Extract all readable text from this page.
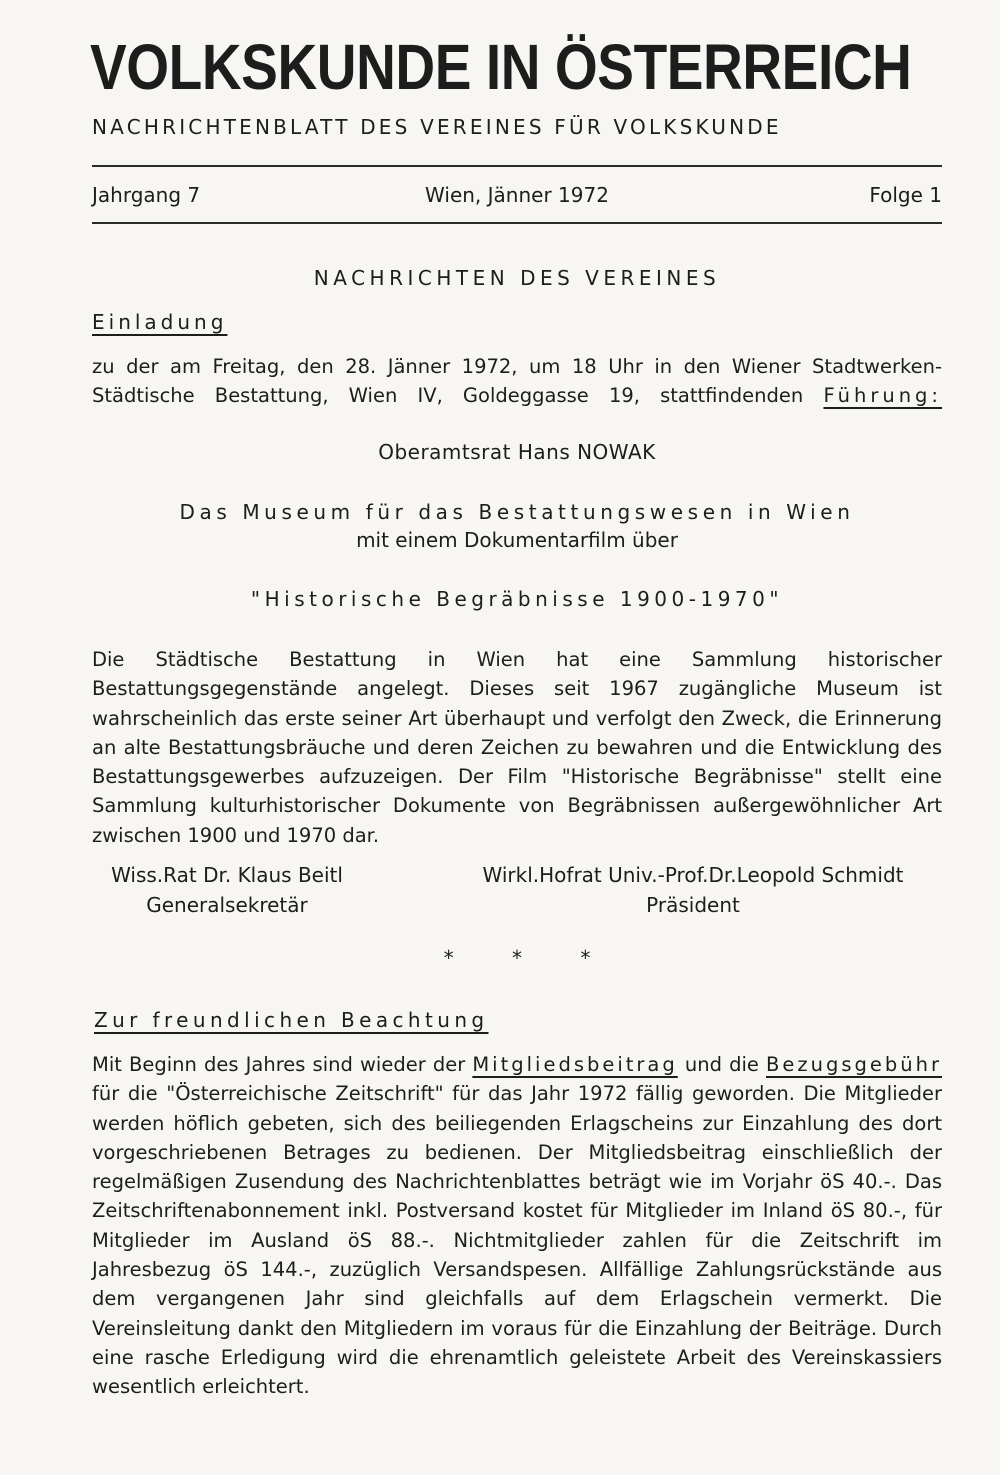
VOLKSKUNDE IN ÖSTERREICH
NACHRICHTENBLATT DES VEREINES FÜR VOLKSKUNDE
Jahrgang 7	Wien, Jänner 1972	Folge 1
NACHRICHTEN DES VEREINES
Einladung
zu der am Freitag, den 28. Jänner 1972, um 18 Uhr in den Wiener Stadtwerken-Städtische Bestattung, Wien IV, Goldeggasse 19, stattfindenden Führung:
Oberamtsrat Hans NOWAK
Das Museum für das Bestattungswesen in Wien
mit einem Dokumentarfilm über
"Historische Begräbnisse 1900-1970"
Die Städtische Bestattung in Wien hat eine Sammlung historischer Bestattungsgegenstände angelegt. Dieses seit 1967 zugängliche Museum ist wahrscheinlich das erste seiner Art überhaupt und verfolgt den Zweck, die Erinnerung an alte Bestattungsbräuche und deren Zeichen zu bewahren und die Entwicklung des Bestattungsgewerbes aufzuzeigen. Der Film "Historische Begräbnisse" stellt eine Sammlung kulturhistorischer Dokumente von Begräbnissen außergewöhnlicher Art zwischen 1900 und 1970 dar.
Wiss.Rat Dr. Klaus Beitl
Generalsekretär
Wirkl.Hofrat Univ.-Prof.Dr.Leopold Schmidt
Präsident
*	*	*
Zur freundlichen Beachtung
Mit Beginn des Jahres sind wieder der Mitgliedsbeitrag und die Bezugsgebühr für die "Österreichische Zeitschrift" für das Jahr 1972 fällig geworden. Die Mitglieder werden höflich gebeten, sich des beiliegenden Erlagscheins zur Einzahlung des dort vorgeschriebenen Betrages zu bedienen. Der Mitgliedsbeitrag einschließlich der regelmäßigen Zusendung des Nachrichtenblattes beträgt wie im Vorjahr öS 40.-. Das Zeitschriftenabonnement inkl. Postversand kostet für Mitglieder im Inland öS 80.-, für Mitglieder im Ausland öS 88.-. Nichtmitglieder zahlen für die Zeitschrift im Jahresbezug öS 144.-, zuzüglich Versandspesen. Allfällige Zahlungsrückstände aus dem vergangenen Jahr sind gleichfalls auf dem Erlagschein vermerkt. Die Vereinsleitung dankt den Mitgliedern im voraus für die Einzahlung der Beiträge. Durch eine rasche Erledigung wird die ehrenamtlich geleistete Arbeit des Vereinskassiers wesentlich erleichtert.
